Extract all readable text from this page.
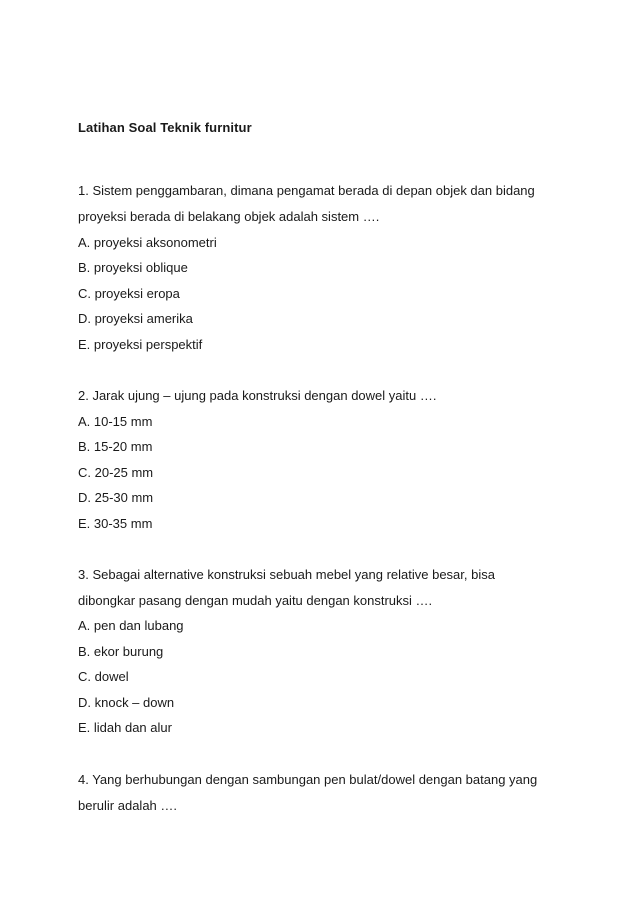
Latihan Soal Teknik furnitur
1. Sistem penggambaran, dimana pengamat berada di depan objek dan bidang
proyeksi berada di belakang objek adalah sistem ….
A. proyeksi aksonometri
B. proyeksi oblique
C. proyeksi eropa
D. proyeksi amerika
E. proyeksi perspektif
2. Jarak ujung – ujung pada konstruksi dengan dowel yaitu ….
A. 10-15 mm
B. 15-20 mm
C. 20-25 mm
D. 25-30 mm
E. 30-35 mm
3. Sebagai alternative konstruksi sebuah mebel yang relative besar, bisa
dibongkar pasang dengan mudah yaitu dengan konstruksi ….
A. pen dan lubang
B. ekor burung
C. dowel
D. knock – down
E. lidah dan alur
4. Yang berhubungan dengan sambungan pen bulat/dowel dengan batang yang
berulir adalah ….
